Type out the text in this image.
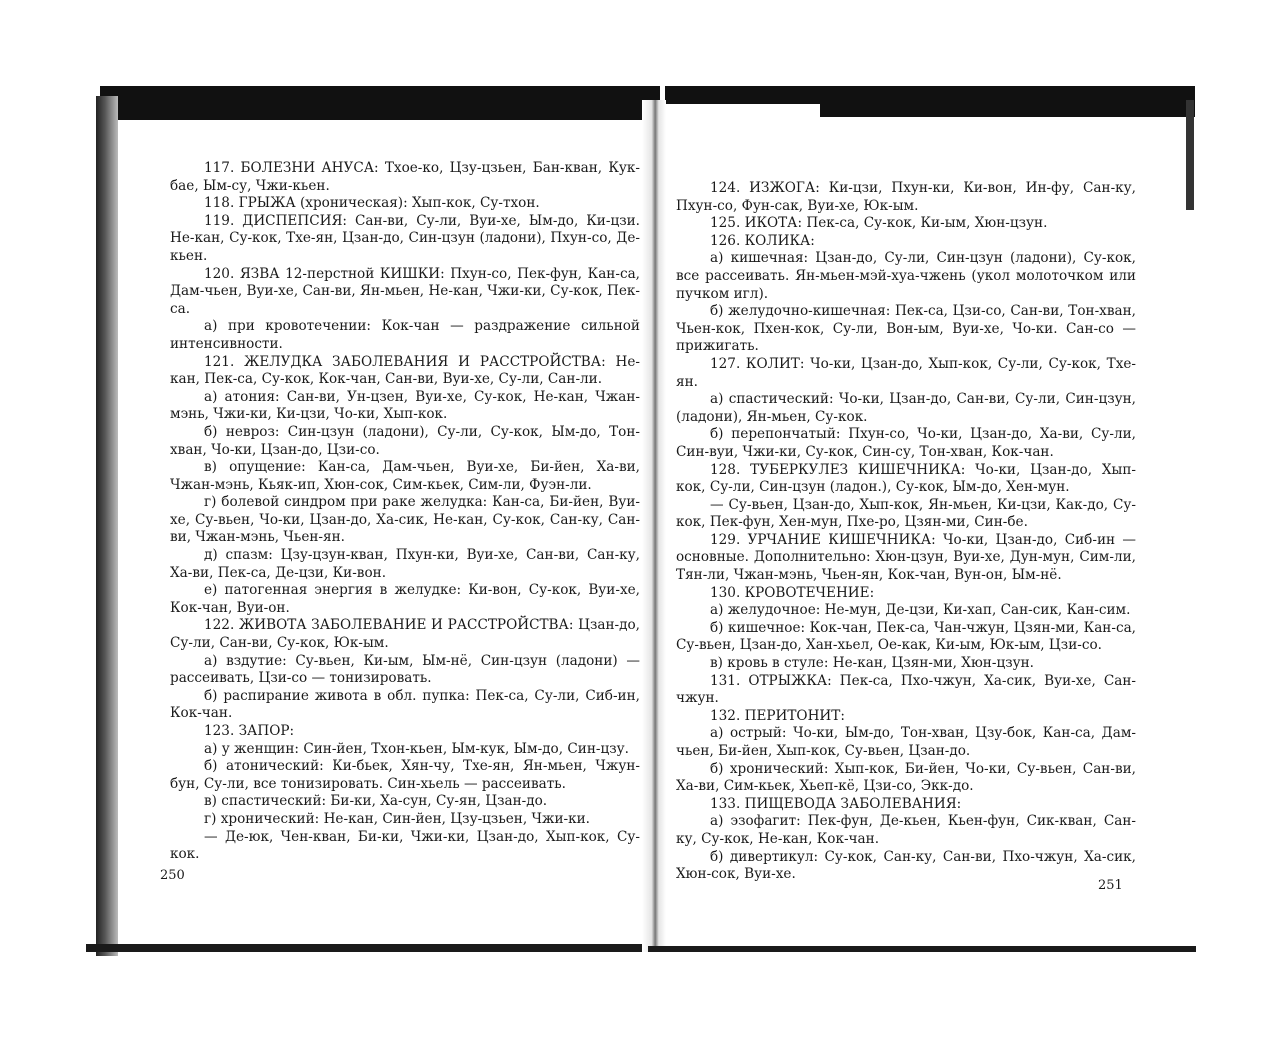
117. БОЛЕЗНИ АНУСА: Тхое-ко, Цзу-цзьен, Бан-кван, Кук-бае, Ым-су, Чжи-кьен.

118. ГРЫЖА (хроническая): Хып-кок, Су-тхон.

119. ДИСПЕПСИЯ: Сан-ви, Су-ли, Вуи-хе, Ым-до, Ки-цзи. Не-кан, Су-кок, Тхе-ян, Цзан-до, Син-цзун (ладони), Пхун-со, Де-кьен.

120. ЯЗВА 12-перстной КИШКИ: Пхун-со, Пек-фун, Кан-са, Дам-чьен, Вуи-хе, Сан-ви, Ян-мьен, Не-кан, Чжи-ки, Су-кок, Пек-са.

а) при кровотечении: Кок-чан — раздражение сильной интенсивности.

121. ЖЕЛУДКА ЗАБОЛЕВАНИЯ И РАССТРОЙСТВА: Не-кан, Пек-са, Су-кок, Кок-чан, Сан-ви, Вуи-хе, Су-ли, Сан-ли.

а) атония: Сан-ви, Ун-цзен, Вуи-хе, Су-кок, Не-кан, Чжан-мэнь, Чжи-ки, Ки-цзи, Чо-ки, Хып-кок.

б) невроз: Син-цзун (ладони), Су-ли, Су-кок, Ым-до, Тон-хван, Чо-ки, Цзан-до, Цзи-со.

в) опущение: Кан-са, Дам-чьен, Вуи-хе, Би-йен, Ха-ви, Чжан-мэнь, Кьяк-ип, Хюн-сок, Сим-кьек, Сим-ли, Фуэн-ли.

г) болевой синдром при раке желудка: Кан-са, Би-йен, Вуи-хе, Су-вьен, Чо-ки, Цзан-до, Ха-сик, Не-кан, Су-кок, Сан-ку, Сан-ви, Чжан-мэнь, Чьен-ян.

д) спазм: Цзу-цзун-кван, Пхун-ки, Вуи-хе, Сан-ви, Сан-ку, Ха-ви, Пек-са, Де-цзи, Ки-вон.

е) патогенная энергия в желудке: Ки-вон, Су-кок, Вуи-хе, Кок-чан, Вуи-он.

122. ЖИВОТА ЗАБОЛЕВАНИЕ И РАССТРОЙСТВА: Цзан-до, Су-ли, Сан-ви, Су-кок, Юк-ым.

а) вздутие: Су-вьен, Ки-ым, Ым-нё, Син-цзун (ладони) — рассеивать, Цзи-со — тонизировать.

б) распирание живота в обл. пупка: Пек-са, Су-ли, Сиб-ин, Кок-чан.

123. ЗАПОР:

а) у женщин: Син-йен, Тхон-кьен, Ым-кук, Ым-до, Син-цзу.

б) атонический: Ки-бьек, Хян-чу, Тхе-ян, Ян-мьен, Чжун-бун, Су-ли, все тонизировать. Син-хьель — рассеивать.

в) спастический: Би-ки, Ха-сун, Су-ян, Цзан-до.

г) хронический: Не-кан, Син-йен, Цзу-цзьен, Чжи-ки.

— Де-юк, Чен-кван, Би-ки, Чжи-ки, Цзан-до, Хып-кок, Су-кок.

250

124. ИЗЖОГА: Ки-цзи, Пхун-ки, Ки-вон, Ин-фу, Сан-ку, Пхун-со, Фун-сак, Вуи-хе, Юк-ым.

125. ИКОТА: Пек-са, Су-кок, Ки-ым, Хюн-цзун.

126. КОЛИКА:

а) кишечная: Цзан-до, Су-ли, Син-цзун (ладони), Су-кок, все рассеивать. Ян-мьен-мэй-хуа-чжень (укол молоточком или пучком игл).

б) желудочно-кишечная: Пек-са, Цзи-со, Сан-ви, Тон-хван, Чьен-кок, Пхен-кок, Су-ли, Вон-ым, Вуи-хе, Чо-ки. Сан-со — прижигать.

127. КОЛИТ: Чо-ки, Цзан-до, Хып-кок, Су-ли, Су-кок, Тхе-ян.

а) спастический: Чо-ки, Цзан-до, Сан-ви, Су-ли, Син-цзун, (ладони), Ян-мьен, Су-кок.

б) перепончатый: Пхун-со, Чо-ки, Цзан-до, Ха-ви, Су-ли, Син-вуи, Чжи-ки, Су-кок, Син-су, Тон-хван, Кок-чан.

128. ТУБЕРКУЛЕЗ КИШЕЧНИКА: Чо-ки, Цзан-до, Хып-кок, Су-ли, Син-цзун (ладон.), Су-кок, Ым-до, Хен-мун.

— Су-вьен, Цзан-до, Хып-кок, Ян-мьен, Ки-цзи, Как-до, Су-кок, Пек-фун, Хен-мун, Пхе-ро, Цзян-ми, Син-бе.

129. УРЧАНИЕ КИШЕЧНИКА: Чо-ки, Цзан-до, Сиб-ин — основные. Дополнительно: Хюн-цзун, Вуи-хе, Дун-мун, Сим-ли, Тян-ли, Чжан-мэнь, Чьен-ян, Кок-чан, Вун-он, Ым-нё.

130. КРОВОТЕЧЕНИЕ:

а) желудочное: Не-мун, Де-цзи, Ки-хап, Сан-сик, Кан-сим.

б) кишечное: Кок-чан, Пек-са, Чан-чжун, Цзян-ми, Кан-са, Су-вьен, Цзан-до, Хан-хьел, Ое-как, Ки-ым, Юк-ым, Цзи-со.

в) кровь в стуле: Не-кан, Цзян-ми, Хюн-цзун.

131. ОТРЫЖКА: Пек-са, Пхо-чжун, Ха-сик, Вуи-хе, Сан-чжун.

132. ПЕРИТОНИТ:

а) острый: Чо-ки, Ым-до, Тон-хван, Цзу-бок, Кан-са, Дам-чьен, Би-йен, Хып-кок, Су-вьен, Цзан-до.

б) хронический: Хып-кок, Би-йен, Чо-ки, Су-вьен, Сан-ви, Ха-ви, Сим-кьек, Хьеп-кё, Цзи-со, Экк-до.

133. ПИЩЕВОДА ЗАБОЛЕВАНИЯ:

а) эзофагит: Пек-фун, Де-кьен, Кьен-фун, Сик-кван, Сан-ку, Су-кок, Не-кан, Кок-чан.

б) дивертикул: Су-кок, Сан-ку, Сан-ви, Пхо-чжун, Ха-сик, Хюн-сок, Вуи-хе.

251
